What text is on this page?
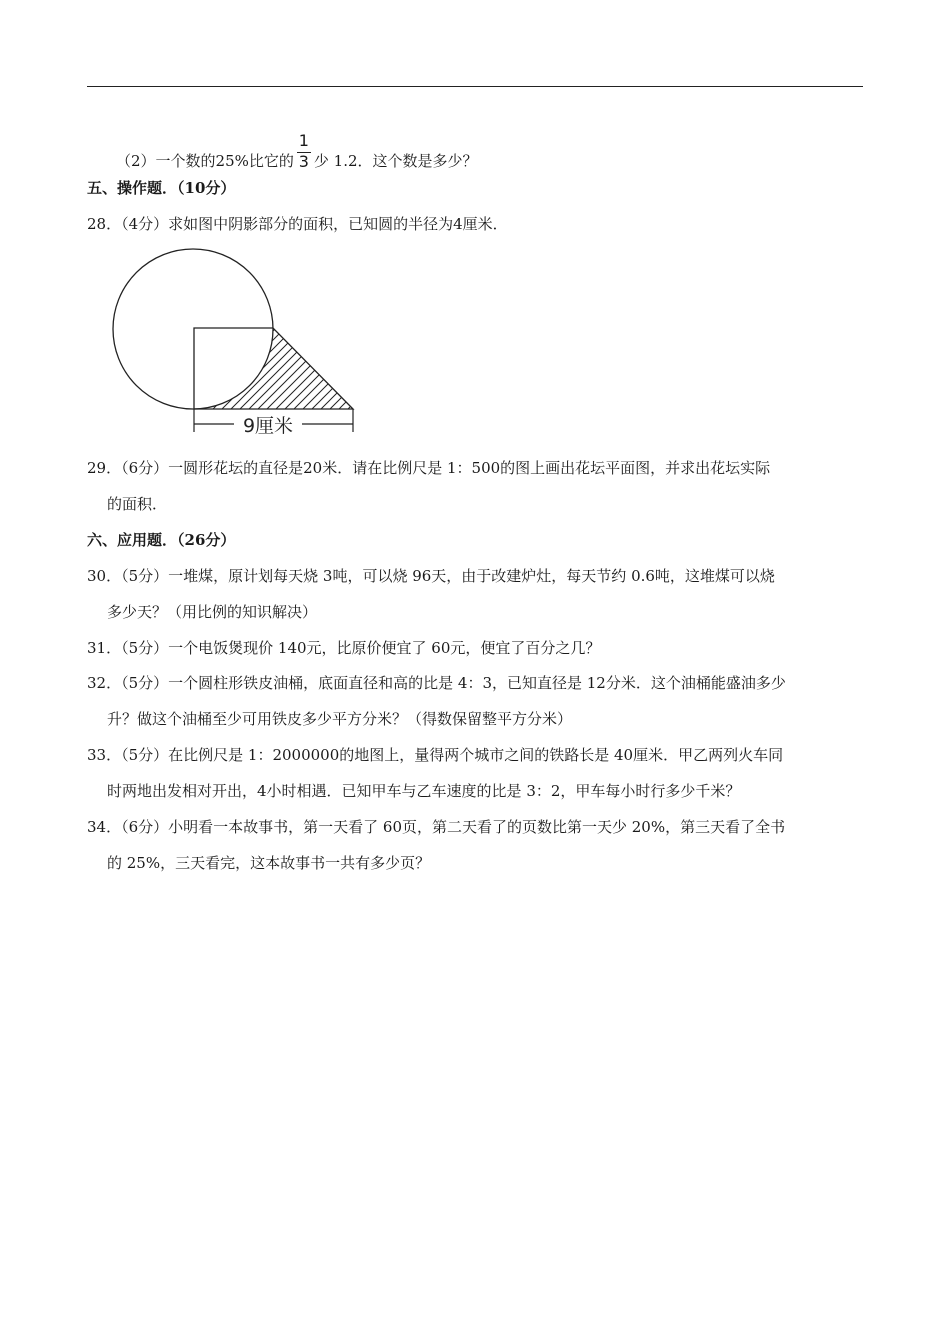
（2）一个数的25%比它的 $\frac{1}{3}$ 少 1.2．这个数是多少？
五、操作题．（10分）
28．（4分）求如图中阴影部分的面积，已知圆的半径为4厘米．
9厘米
29．（6分）一圆形花坛的直径是20米．请在比例尺是 1：500的图上画出花坛平面图，并求出花坛实际
的面积．
六、应用题．（26分）
30．（5分）一堆煤，原计划每天烧 3吨，可以烧 96天，由于改建炉灶，每天节约 0.6吨，这堆煤可以烧
多少天？（用比例的知识解决）
31．（5分）一个电饭煲现价 140元，比原价便宜了 60元，便宜了百分之几？
32．（5分）一个圆柱形铁皮油桶，底面直径和高的比是 4：3，已知直径是 12分米．这个油桶能盛油多少
升？做这个油桶至少可用铁皮多少平方分米？（得数保留整平方分米）
33．（5分）在比例尺是 1：2000000的地图上，量得两个城市之间的铁路长是 40厘米．甲乙两列火车同
时两地出发相对开出，4小时相遇．已知甲车与乙车速度的比是 3：2，甲车每小时行多少千米？
34．（6分）小明看一本故事书，第一天看了 60页，第二天看了的页数比第一天少 20%，第三天看了全书
的 25%，三天看完，这本故事书一共有多少页？
